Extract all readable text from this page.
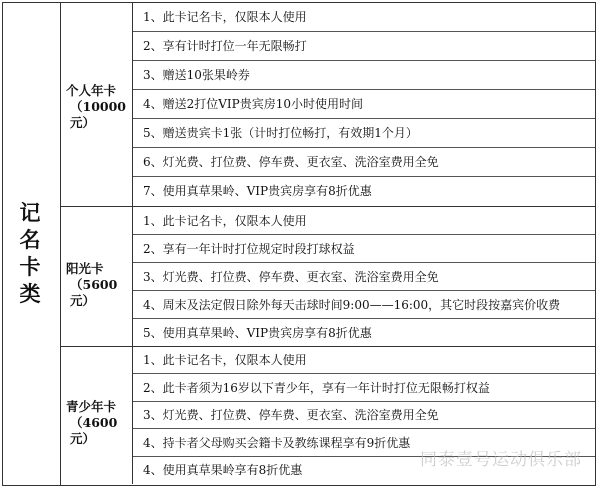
记名卡类
个人年卡
（10000元）
1、此卡记名卡，仅限本人使用
2、享有计时打位一年无限畅打
3、赠送10张果岭券
4、赠送2打位VIP贵宾房10小时使用时间
5、赠送贵宾卡1张（计时打位畅打，有效期1个月）
6、灯光费、打位费、停车费、更衣室、洗浴室费用全免
7、使用真草果岭、VIP贵宾房享有8折优惠
阳光卡
（5600元）
1、此卡记名卡，仅限本人使用
2、享有一年计时打位规定时段打球权益
3、灯光费、打位费、停车费、更衣室、洗浴室费用全免
4、周末及法定假日除外每天击球时间9:00——16:00，其它时段按嘉宾价收费
5、使用真草果岭、VIP贵宾房享有8折优惠
青少年卡
（4600元）
1、此卡记名卡，仅限本人使用
2、此卡者须为16岁以下青少年，享有一年计时打位无限畅打权益
3、灯光费、打位费、停车费、更衣室、洗浴室费用全免
4、持卡者父母购买会籍卡及教练课程享有9折优惠
4、使用真草果岭享有8折优惠	同泰壹号运动俱乐部
